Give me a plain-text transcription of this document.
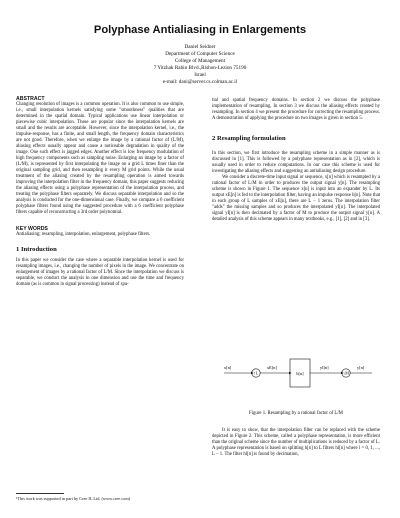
Polyphase Antialiasing in Enlargements
Daniel Seidner
Department of Computer Science
College of Management
7 Yitzhak Rabin Blvd.,Rishon-Lezion 75190
Israel
e-mail: dani@server.cs.colman.ac.il
ABSTRACT

Changing resolution of images is a common operation. It is also common to use simple, i.e., small interpolation kernels satisfying some "smoothness" qualities that are determined in the spatial domain. Typical applications use linear interpolation or piecewise cubic interpolation. These are popular since the interpolation kernels are small and the results are acceptable. However, since the interpolation kernel, i.e., the impulse-response, has a finite, and small length, the frequency domain characteristics are not good. Therefore, when we enlarge the image by a rational factor of (L/M), aliasing effects usually appear and cause a noticeable degradation in quality of the image. One such effect is jagged edges. Another effect is low frequency modulation of high frequency components such as sampling noise. Enlarging an image by a factor of (L/M), is represented by first interpolating the image on a grid L times finer than the original sampling grid, and then resampling it every M grid points. While the usual treatment of the aliasing created by the resampling operation is aimed towards improving the interpolation filter in the frequency domain, this paper suggests reducing the aliasing effects using a polyphase representation of the interpolation process, and treating the polyphase filters separately. We discuss separable interpolation and so the analysis is conducted for the one-dimensional case. Finally, we compare a 6 coefficient polyphase filters found using the suggested procedure with a 6 coefficient polyphase filters capable of reconstructing a 3rd order polynomial.

KEY WORDS

Antialiasing; resampling, interpolation, enlargement, polyphase filters.

1 Introduction

In this paper we consider the case where a separable interpolation kernel is used for resampling images, i.e., changing the number of pixels in the image. We concentrate on enlargement of images by a rational factor of L/M. Since the interpolation we discuss is separable, we conduct the analysis in one dimension and use the time and frequency domain (as is common in signal processing) instead of spa-

¹This work was supported in part by Cree IL Ltd. (www.cree.com)

tial and spatial frequency domains. In section 2 we discuss the polyphase implementation of resampling. In section 3 we discuss the aliasing effects created by resampling. In section 4 we present the procedure for correcting the resampling process. A demonstration of applying the procedure on two images is given in section 5.

2 Resampling formulation

In this section, we first introduce the resampling scheme in a simple manner as is discussed in [1]. This is followed by a polyphase representation as in [2], which is usually used in order to reduce computations. In our case this scheme is used for investigating the aliasing effects and suggesting an antialiasing design procedure.

We consider a discrete-time input signal or sequence, x[n] which is resampled by a rational factor of L/M in order to produces the output signal y[n]. The resampling scheme is shown in Figure 1. The sequence x[n] is input into an expander by L. Its output xE[n] is fed to the interpolation filter, having an impulse response h[n]. Note that in each group of L samples of xE[n], there are L − 1 zeros. The interpolation filter "adds" the missing samples and so produces the interpolated yI[n]. The interpolated signal yI[n] is then decimated by a factor of M to produce the output signal y[n]. A detailed analysis of this scheme appears in many textbooks, e.g., [1], [2] and in [3].

↑L	h[n]	↓M
x[n]	xE[n]	yI[n]	y[n]
Figure 1. Resampling by a rational factor of L/M

It is easy to show, that the interpolation filter can be replaced with the scheme depicted in Figure 2. This scheme, called a polyphase representation, is more efficient than the original scheme since the number of multiplications is reduced by a factor of L. A polyphase representation is based on splitting h[n] to L filters hl[n] where l = 0, 1, ..., L − 1. The filter hl[n] is found by decimation,
